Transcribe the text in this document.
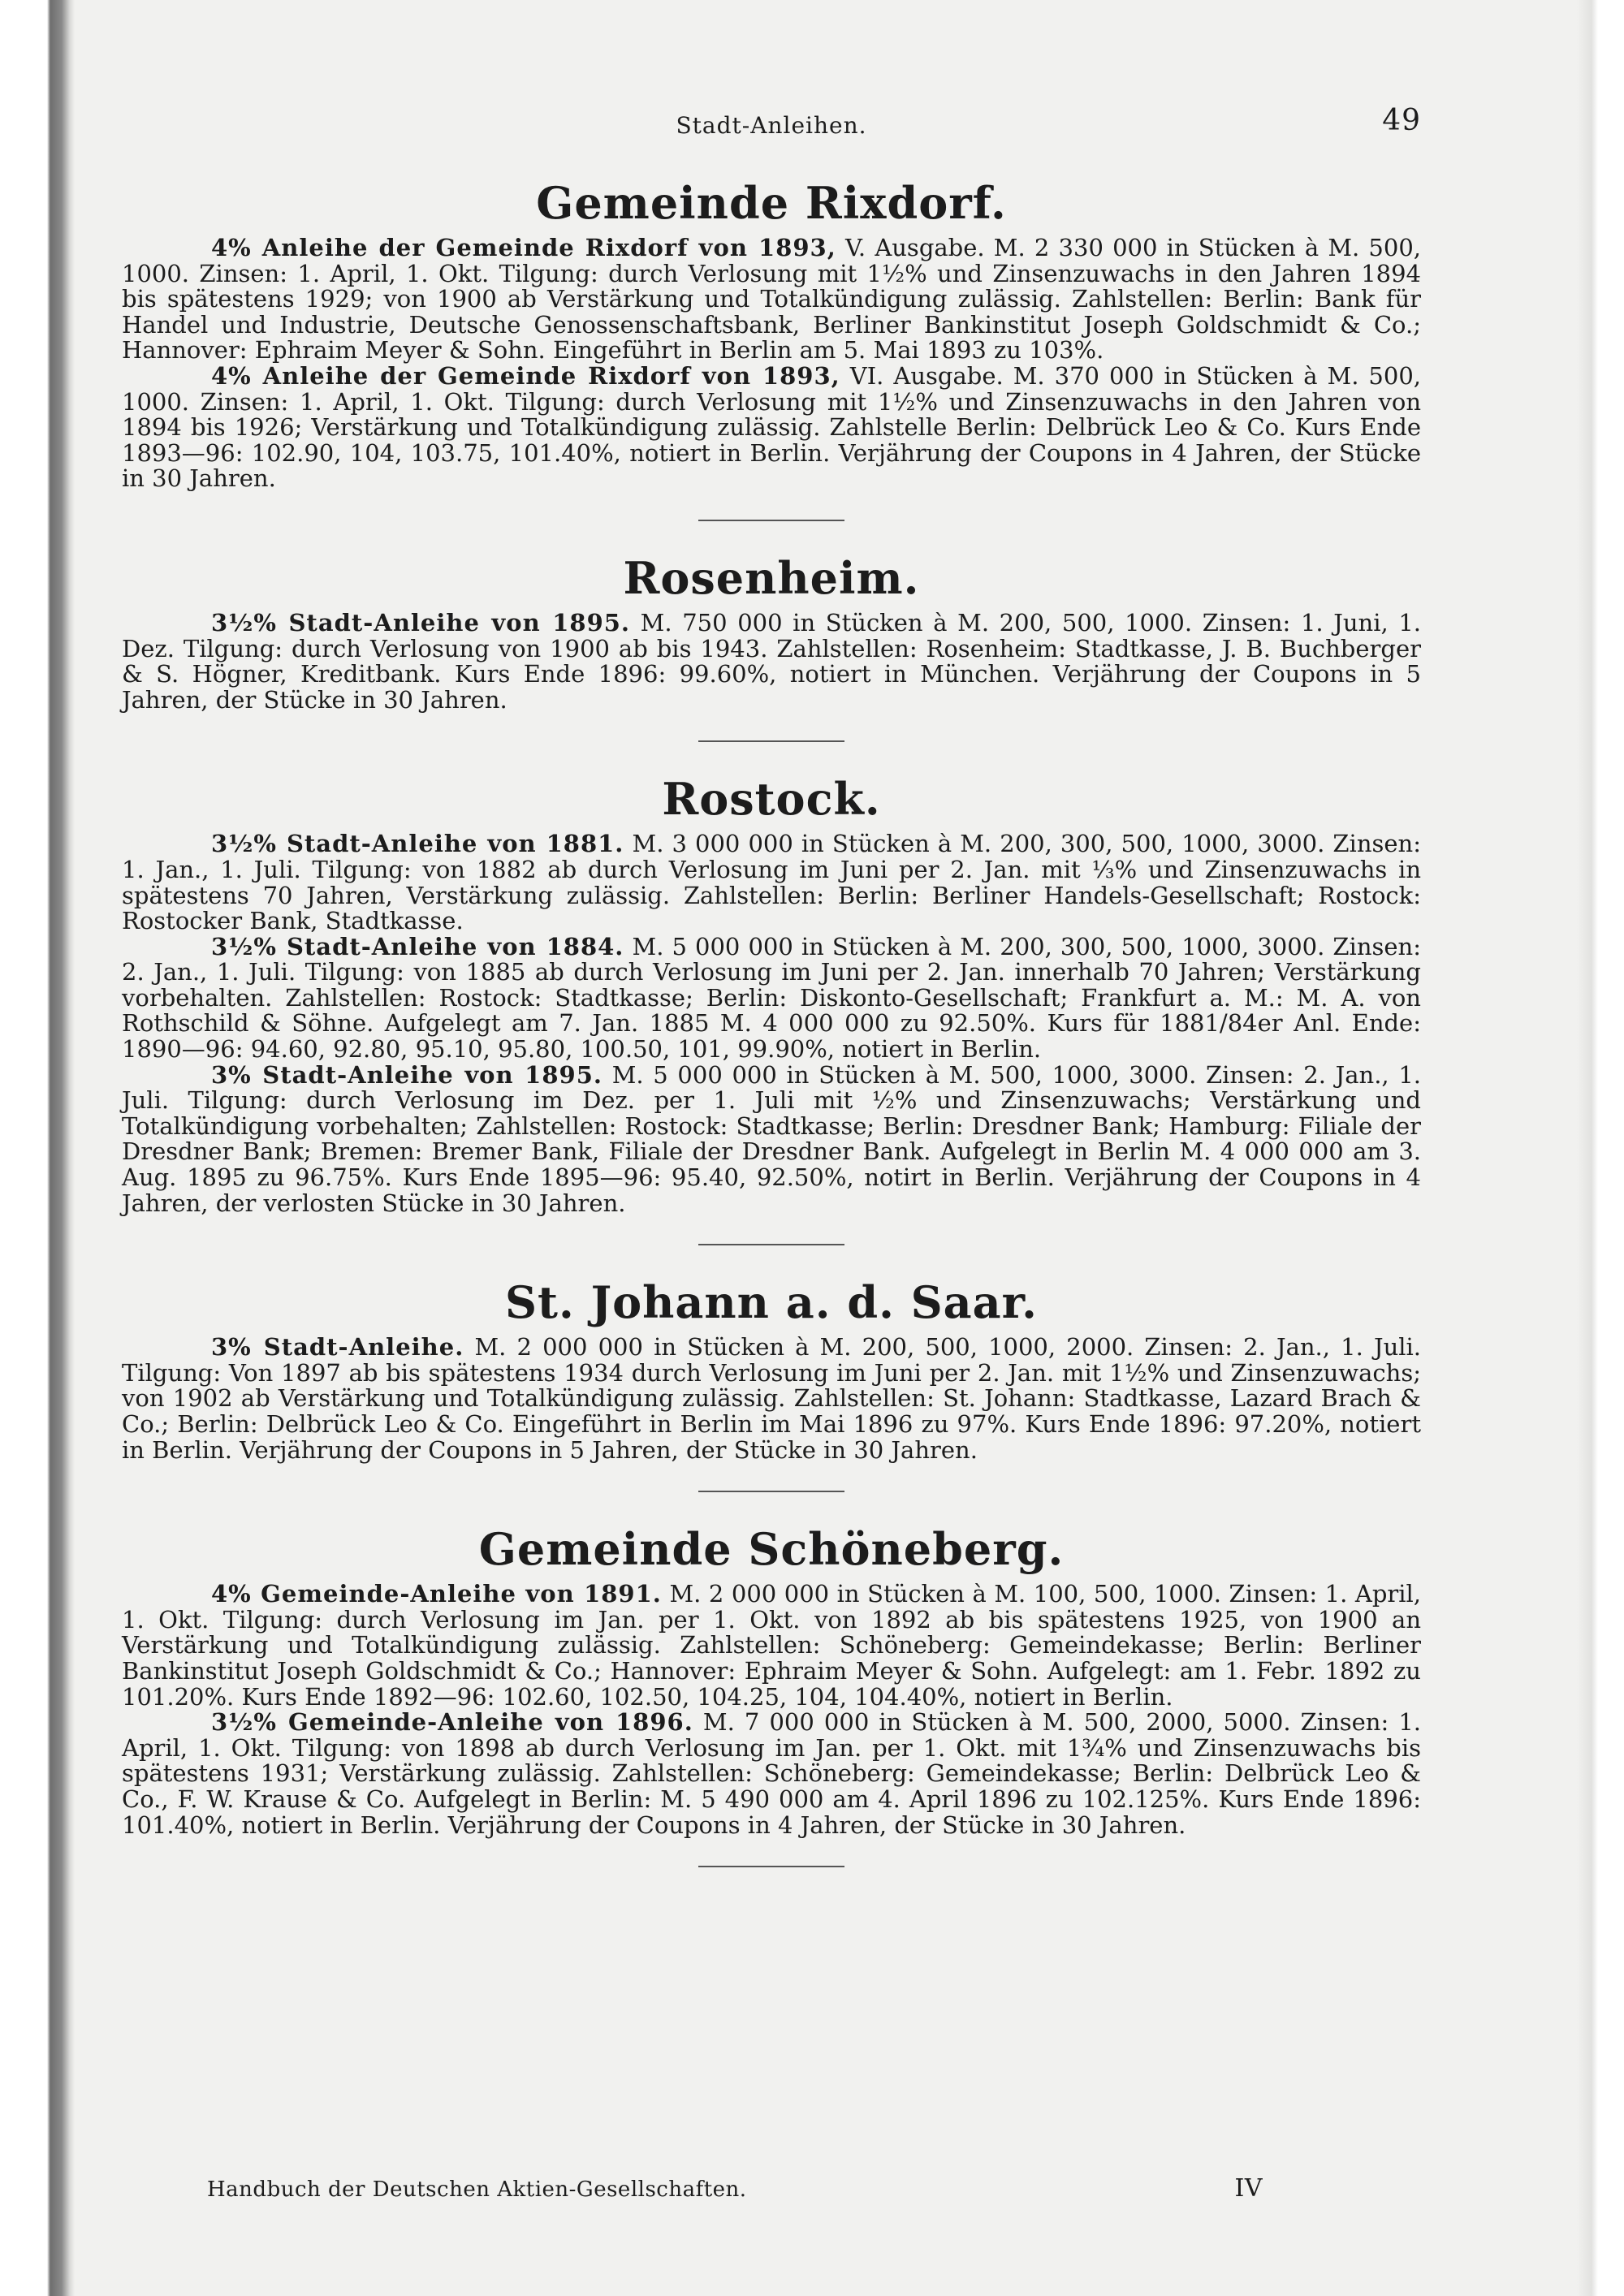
Stadt-Anleihen.	49
Gemeinde Rixdorf.

4% Anleihe der Gemeinde Rixdorf von 1893, V. Ausgabe. M. 2 330 000 in Stücken à M. 500, 1000. Zinsen: 1. April, 1. Okt. Tilgung: durch Verlosung mit 1½% und Zinsenzuwachs in den Jahren 1894 bis spätestens 1929; von 1900 ab Verstärkung und Totalkündigung zulässig. Zahlstellen: Berlin: Bank für Handel und Industrie, Deutsche Genossenschaftsbank, Berliner Bankinstitut Joseph Goldschmidt & Co.; Hannover: Ephraim Meyer & Sohn. Eingeführt in Berlin am 5. Mai 1893 zu 103%.

4% Anleihe der Gemeinde Rixdorf von 1893, VI. Ausgabe. M. 370 000 in Stücken à M. 500, 1000. Zinsen: 1. April, 1. Okt. Tilgung: durch Verlosung mit 1½% und Zinsenzuwachs in den Jahren von 1894 bis 1926; Verstärkung und Totalkündigung zulässig. Zahlstelle Berlin: Delbrück Leo & Co. Kurs Ende 1893—96: 102.90, 104, 103.75, 101.40%, notiert in Berlin. Verjährung der Coupons in 4 Jahren, der Stücke in 30 Jahren.

Rosenheim.

3½% Stadt-Anleihe von 1895. M. 750 000 in Stücken à M. 200, 500, 1000. Zinsen: 1. Juni, 1. Dez. Tilgung: durch Verlosung von 1900 ab bis 1943. Zahlstellen: Rosenheim: Stadtkasse, J. B. Buchberger & S. Högner, Kreditbank. Kurs Ende 1896: 99.60%, notiert in München. Verjährung der Coupons in 5 Jahren, der Stücke in 30 Jahren.

Rostock.

3½% Stadt-Anleihe von 1881. M. 3 000 000 in Stücken à M. 200, 300, 500, 1000, 3000. Zinsen: 1. Jan., 1. Juli. Tilgung: von 1882 ab durch Verlosung im Juni per 2. Jan. mit ⅓% und Zinsenzuwachs in spätestens 70 Jahren, Verstärkung zulässig. Zahlstellen: Berlin: Berliner Handels-Gesellschaft; Rostock: Rostocker Bank, Stadtkasse.

3½% Stadt-Anleihe von 1884. M. 5 000 000 in Stücken à M. 200, 300, 500, 1000, 3000. Zinsen: 2. Jan., 1. Juli. Tilgung: von 1885 ab durch Verlosung im Juni per 2. Jan. innerhalb 70 Jahren; Verstärkung vorbehalten. Zahlstellen: Rostock: Stadtkasse; Berlin: Diskonto-Gesellschaft; Frankfurt a. M.: M. A. von Rothschild & Söhne. Aufgelegt am 7. Jan. 1885 M. 4 000 000 zu 92.50%. Kurs für 1881/84er Anl. Ende: 1890—96: 94.60, 92.80, 95.10, 95.80, 100.50, 101, 99.90%, notiert in Berlin.

3% Stadt-Anleihe von 1895. M. 5 000 000 in Stücken à M. 500, 1000, 3000. Zinsen: 2. Jan., 1. Juli. Tilgung: durch Verlosung im Dez. per 1. Juli mit ½% und Zinsenzuwachs; Verstärkung und Totalkündigung vorbehalten; Zahlstellen: Rostock: Stadtkasse; Berlin: Dresdner Bank; Hamburg: Filiale der Dresdner Bank; Bremen: Bremer Bank, Filiale der Dresdner Bank. Aufgelegt in Berlin M. 4 000 000 am 3. Aug. 1895 zu 96.75%. Kurs Ende 1895—96: 95.40, 92.50%, notirt in Berlin. Verjährung der Coupons in 4 Jahren, der verlosten Stücke in 30 Jahren.

St. Johann a. d. Saar.

3% Stadt-Anleihe. M. 2 000 000 in Stücken à M. 200, 500, 1000, 2000. Zinsen: 2. Jan., 1. Juli. Tilgung: Von 1897 ab bis spätestens 1934 durch Verlosung im Juni per 2. Jan. mit 1½% und Zinsenzuwachs; von 1902 ab Verstärkung und Totalkündigung zulässig. Zahlstellen: St. Johann: Stadtkasse, Lazard Brach & Co.; Berlin: Delbrück Leo & Co. Eingeführt in Berlin im Mai 1896 zu 97%. Kurs Ende 1896: 97.20%, notiert in Berlin. Verjährung der Coupons in 5 Jahren, der Stücke in 30 Jahren.

Gemeinde Schöneberg.

4% Gemeinde-Anleihe von 1891. M. 2 000 000 in Stücken à M. 100, 500, 1000. Zinsen: 1. April, 1. Okt. Tilgung: durch Verlosung im Jan. per 1. Okt. von 1892 ab bis spätestens 1925, von 1900 an Verstärkung und Totalkündigung zulässig. Zahlstellen: Schöneberg: Gemeindekasse; Berlin: Berliner Bankinstitut Joseph Goldschmidt & Co.; Hannover: Ephraim Meyer & Sohn. Aufgelegt: am 1. Febr. 1892 zu 101.20%. Kurs Ende 1892—96: 102.60, 102.50, 104.25, 104, 104.40%, notiert in Berlin.

3½% Gemeinde-Anleihe von 1896. M. 7 000 000 in Stücken à M. 500, 2000, 5000. Zinsen: 1. April, 1. Okt. Tilgung: von 1898 ab durch Verlosung im Jan. per 1. Okt. mit 1¾% und Zinsenzuwachs bis spätestens 1931; Verstärkung zulässig. Zahlstellen: Schöneberg: Gemeindekasse; Berlin: Delbrück Leo & Co., F. W. Krause & Co. Aufgelegt in Berlin: M. 5 490 000 am 4. April 1896 zu 102.125%. Kurs Ende 1896: 101.40%, notiert in Berlin. Verjährung der Coupons in 4 Jahren, der Stücke in 30 Jahren.

Handbuch der Deutschen Aktien-Gesellschaften.	IV
